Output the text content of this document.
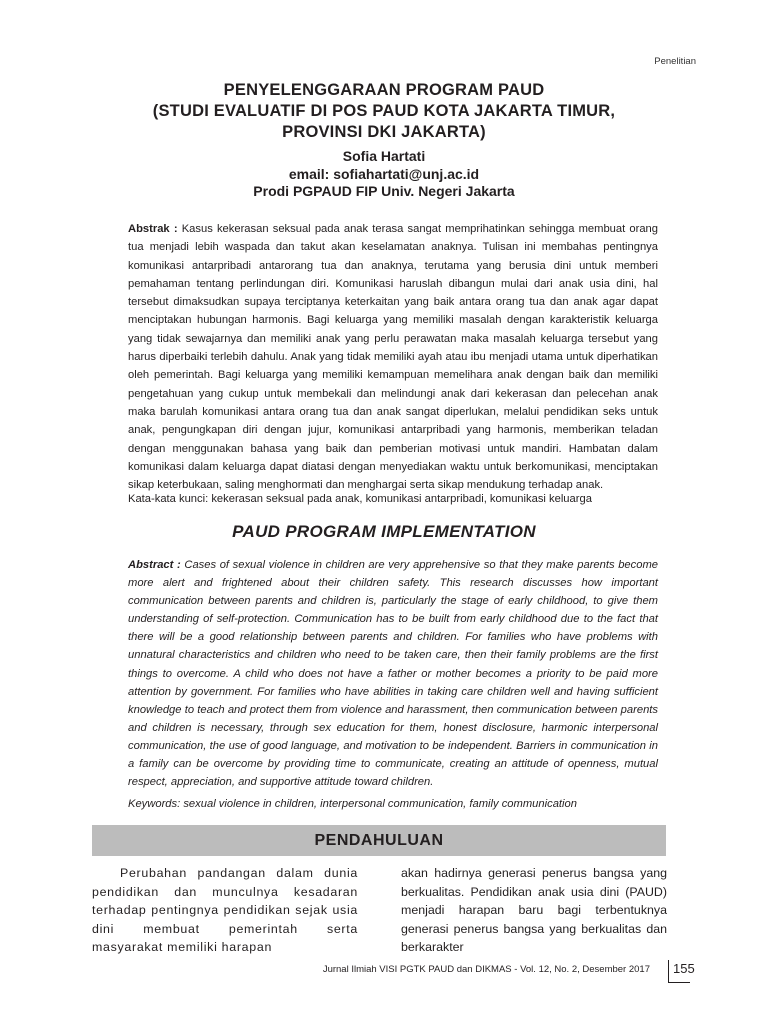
Penelitian
PENYELENGGARAAN PROGRAM PAUD
(STUDI EVALUATIF DI POS PAUD KOTA JAKARTA TIMUR,
PROVINSI DKI JAKARTA)
Sofia Hartati
email: sofiahartati@unj.ac.id
Prodi PGPAUD FIP Univ. Negeri Jakarta

Abstrak : Kasus kekerasan seksual pada anak terasa sangat memprihatinkan sehingga membuat orang tua menjadi lebih waspada dan takut akan keselamatan anaknya. Tulisan ini membahas pentingnya komunikasi antarpribadi antarorang tua dan anaknya, terutama yang berusia dini untuk memberi pemahaman tentang perlindungan diri. Komunikasi haruslah dibangun mulai dari anak usia dini, hal tersebut dimaksudkan supaya terciptanya keterkaitan yang baik antara orang tua dan anak agar dapat menciptakan hubungan harmonis. Bagi keluarga yang memiliki masalah dengan karakteristik keluarga yang tidak sewajarnya dan memiliki anak yang perlu perawatan maka masalah keluarga tersebut yang harus diperbaiki terlebih dahulu. Anak yang tidak memiliki ayah atau ibu menjadi utama untuk diperhatikan oleh pemerintah. Bagi keluarga yang memiliki kemampuan memelihara anak dengan baik dan memiliki pengetahuan yang cukup untuk membekali dan melindungi anak dari kekerasan dan pelecehan anak maka barulah komunikasi antara orang tua dan anak sangat diperlukan, melalui pendidikan seks untuk anak, pengungkapan diri dengan jujur, komunikasi antarpribadi yang harmonis, memberikan teladan dengan menggunakan bahasa yang baik dan pemberian motivasi untuk mandiri. Hambatan dalam komunikasi dalam keluarga dapat diatasi dengan menyediakan waktu untuk berkomunikasi, menciptakan sikap keterbukaan, saling menghormati dan menghargai serta sikap mendukung terhadap anak.

Kata-kata kunci: kekerasan seksual pada anak, komunikasi antarpribadi, komunikasi keluarga

PAUD PROGRAM IMPLEMENTATION

Abstract : Cases of sexual violence in children are very apprehensive so that they make parents become more alert and frightened about their children safety. This research discusses how important communication between parents and children is, particularly the stage of early childhood, to give them understanding of self-protection. Communication has to be built from early childhood due to the fact that there will be a good relationship between parents and children. For families who have problems with unnatural characteristics and children who need to be taken care, then their family problems are the first things to overcome. A child who does not have a father or mother becomes a priority to be paid more attention by government. For families who have abilities in taking care children well and having sufficient knowledge to teach and protect them from violence and harassment, then communication between parents and children is necessary, through sex education for them, honest disclosure, harmonic interpersonal communication, the use of good language, and motivation to be independent. Barriers in communication in a family can be overcome by providing time to communicate, creating an attitude of openness, mutual respect, appreciation, and supportive attitude toward children.

Keywords: sexual violence in children, interpersonal communication, family communication

PENDAHULUAN

Perubahan pandangan dalam dunia pendidikan dan munculnya kesadaran terhadap pentingnya pendidikan sejak usia dini membuat pemerintah serta masyarakat memiliki harapan

akan hadirnya generasi penerus bangsa yang berkualitas. Pendidikan anak usia dini (PAUD) menjadi harapan baru bagi terbentuknya generasi penerus bangsa yang berkualitas dan berkarakter

Jurnal Ilmiah VISI PGTK PAUD dan DIKMAS - Vol. 12, No. 2, Desember 2017	155
